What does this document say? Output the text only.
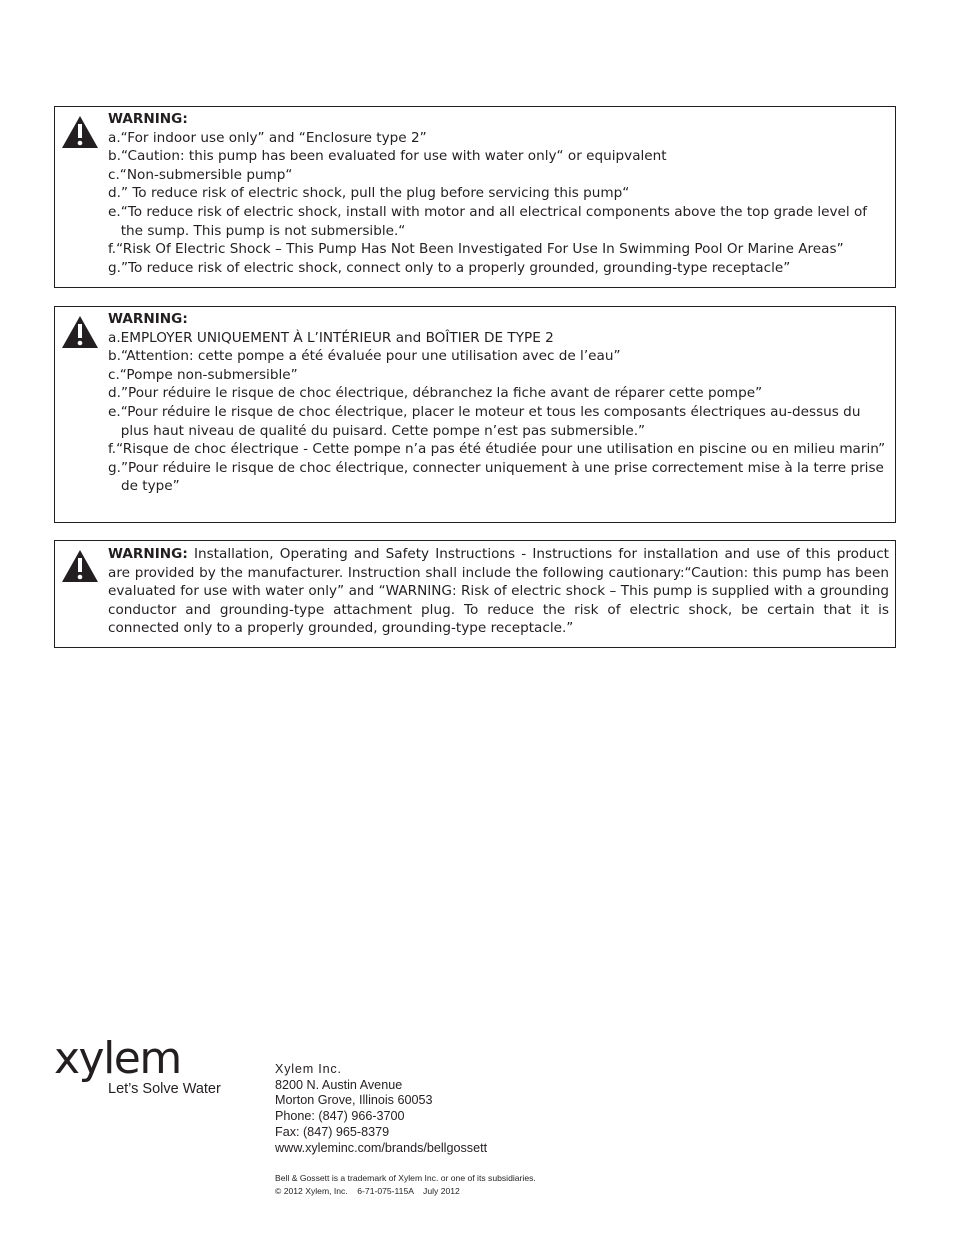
WARNING:
a. “For indoor use only” and “Enclosure type 2”
b. “Caution: this pump has been evaluated for use with water only“ or equipvalent
c. “Non-submersible pump“
d. ” To reduce risk of electric shock, pull the plug before servicing this pump“
e. “To reduce risk of electric shock, install with motor and all electrical components above the top grade level of the sump. This pump is not submersible.“
f. “Risk Of Electric Shock – This Pump Has Not Been Investigated For Use In Swimming Pool Or Marine Areas”
g. ”To reduce risk of electric shock, connect only to a properly grounded, grounding-type receptacle”
WARNING:
a. EMPLOYER UNIQUEMENT À L’INTÉRIEUR and BOÎTIER DE TYPE 2
b. “Attention: cette pompe a été évaluée pour une utilisation avec de l’eau”
c. “Pompe non-submersible”
d. ”Pour réduire le risque de choc électrique, débranchez la fiche avant de réparer cette pompe”
e. “Pour réduire le risque de choc électrique, placer le moteur et tous les composants électriques au-dessus du plus haut niveau de qualité du puisard. Cette pompe n’est pas submersible.”
f. “Risque de choc électrique - Cette pompe n’a pas été étudiée pour une utilisation en piscine ou en milieu marin”
g. ”Pour réduire le risque de choc électrique, connecter uniquement à une prise correctement mise à la terre prise de type”
WARNING: Installation, Operating and Safety Instructions - Instructions for installation and use of this product are provided by the manufacturer. Instruction shall include the following cautionary:“Caution: this pump has been evaluated for use with water only” and “WARNING: Risk of electric shock – This pump is supplied with a grounding conductor and grounding-type attachment plug. To reduce the risk of electric shock, be certain that it is connected only to a properly grounded, grounding-type receptacle.”
xylem
Let’s Solve Water
Xylem Inc.
8200 N. Austin Avenue
Morton Grove, Illinois 60053
Phone: (847) 966-3700
Fax: (847) 965-8379
www.xyleminc.com/brands/bellgossett
Bell & Gossett is a trademark of Xylem Inc. or one of its subsidiaries.
© 2012 Xylem, Inc.    6-71-075-115A    July 2012
